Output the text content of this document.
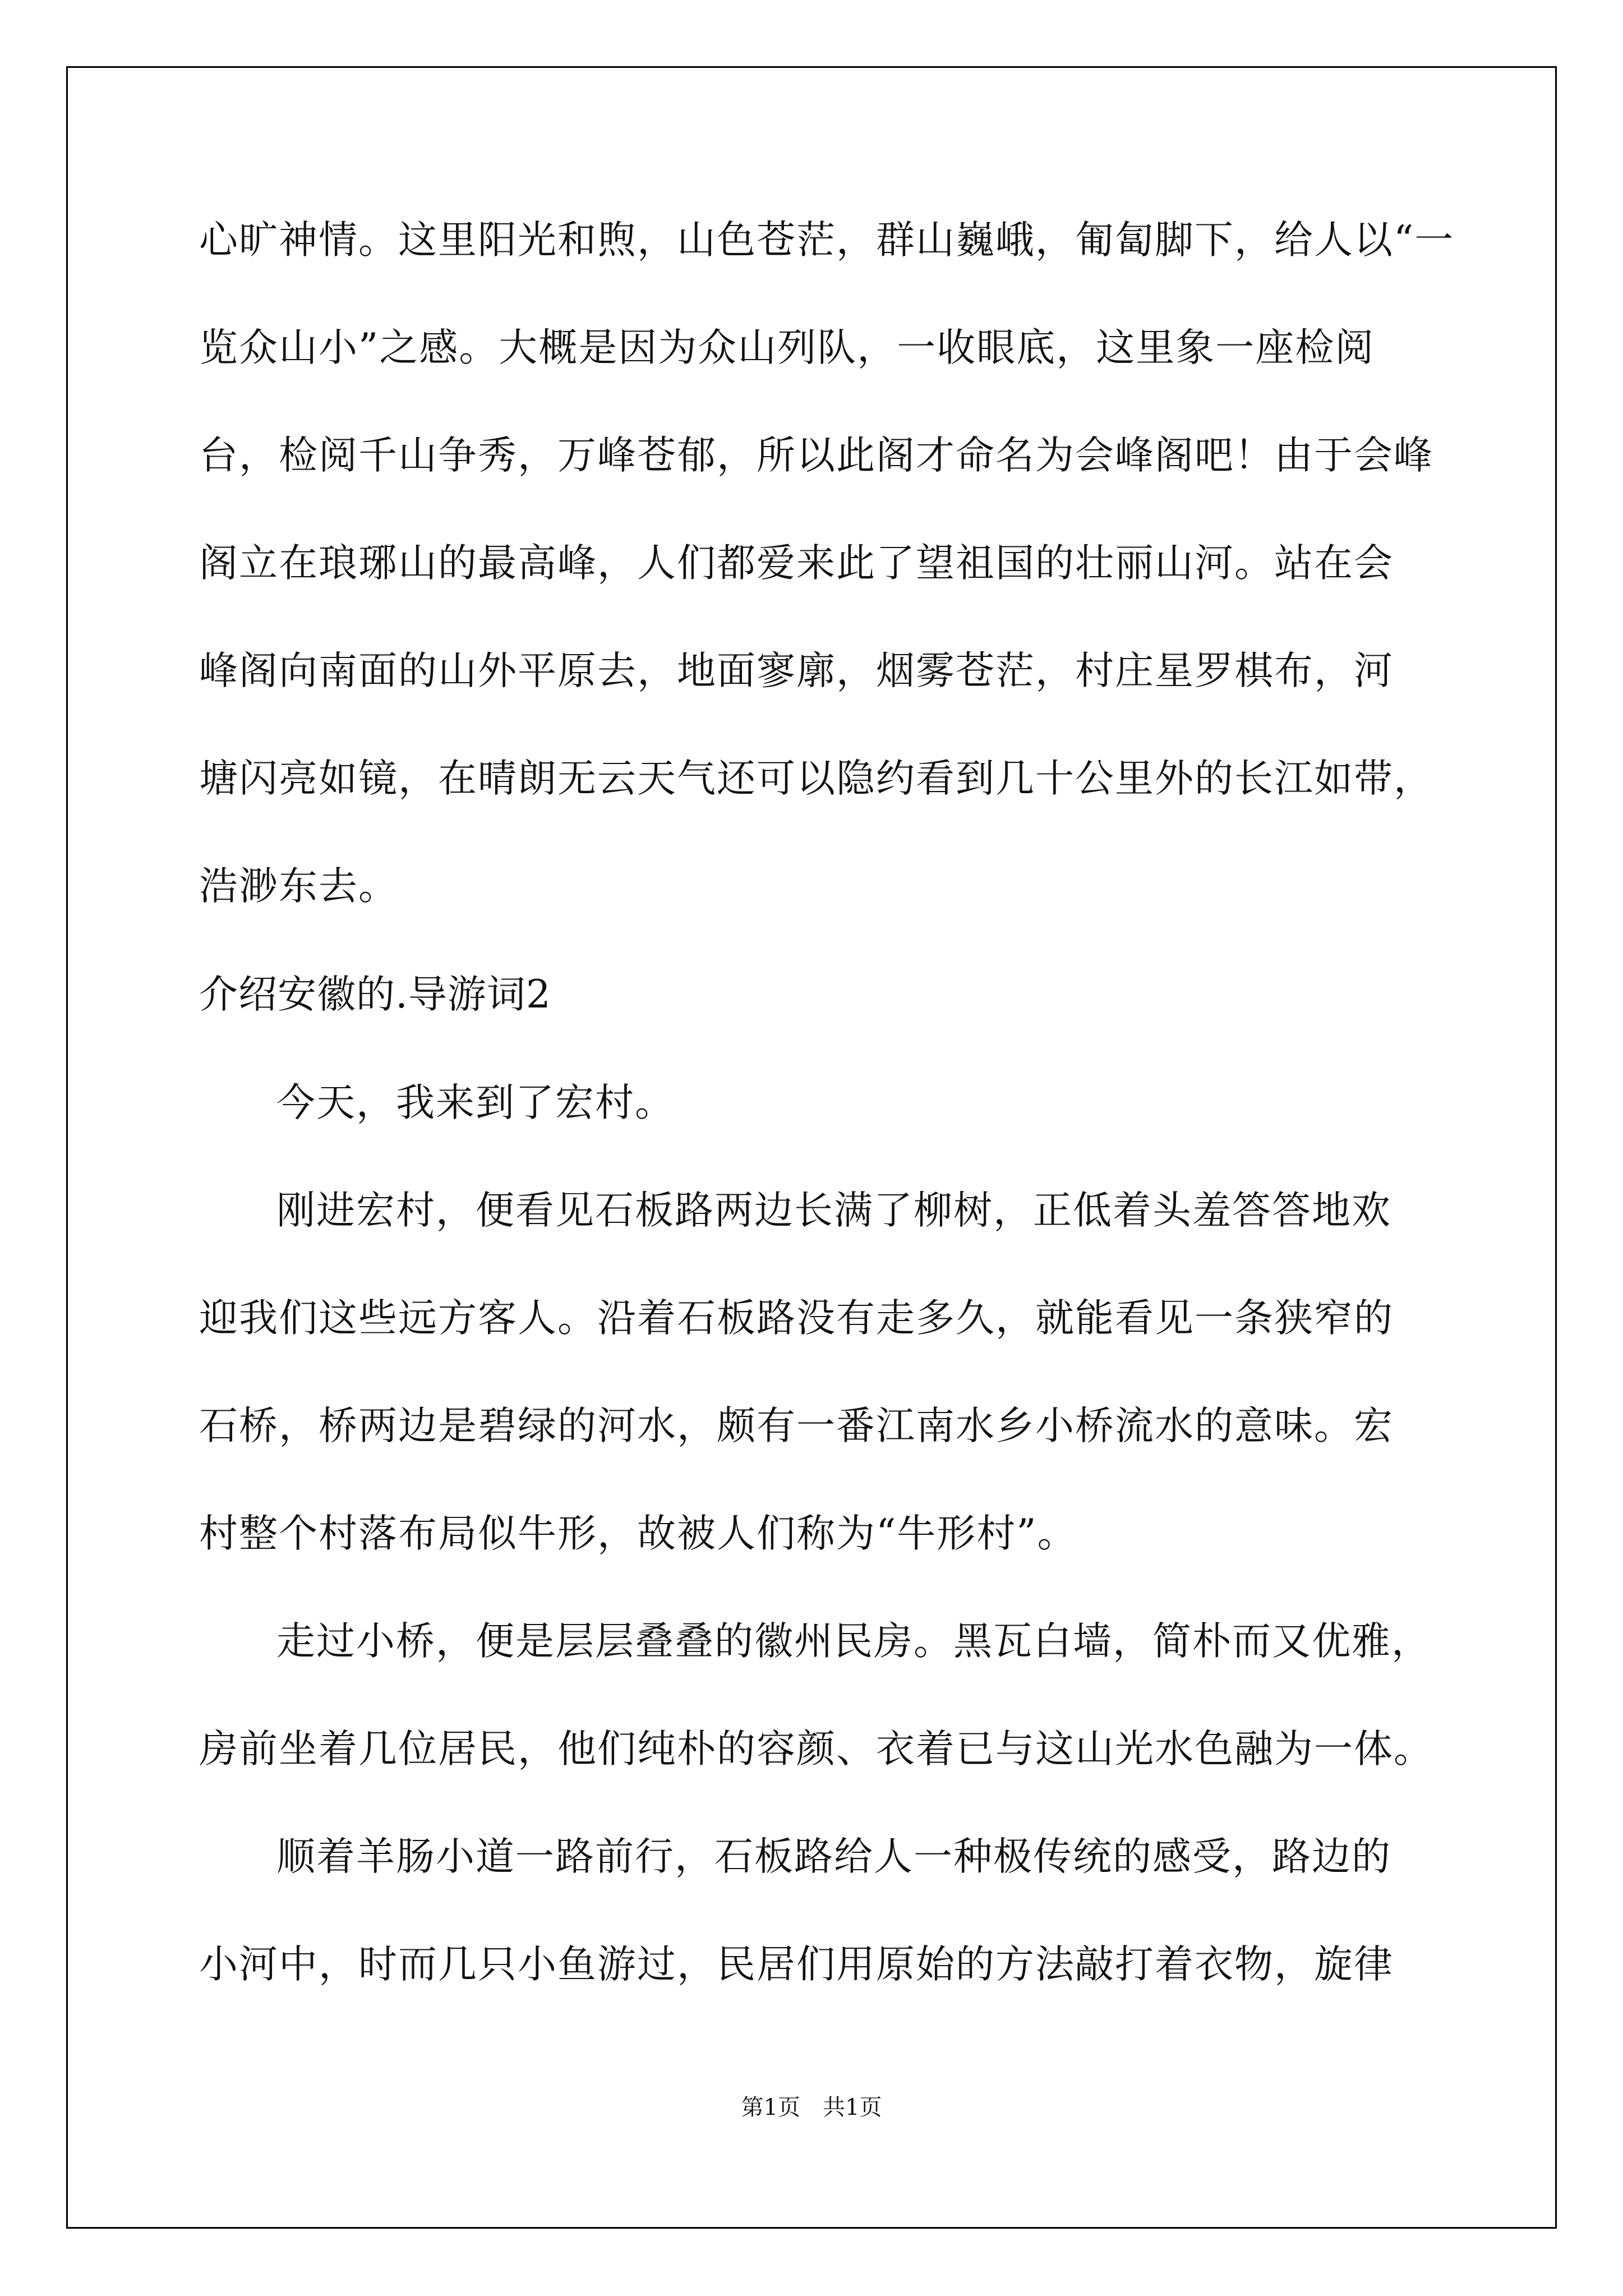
心旷神情。这里阳光和煦，山色苍茫，群山巍峨，匍匐脚下，给人以“一
览众山小”之感。大概是因为众山列队，一收眼底，这里象一座检阅
台，检阅千山争秀，万峰苍郁，所以此阁才命名为会峰阁吧！由于会峰
阁立在琅琊山的最高峰，人们都爱来此了望祖国的壮丽山河。站在会
峰阁向南面的山外平原去，地面寥廓，烟雾苍茫，村庄星罗棋布，河
塘闪亮如镜，在晴朗无云天气还可以隐约看到几十公里外的长江如带，
浩渺东去。
介绍安徽的.导游词2
今天，我来到了宏村。
刚进宏村，便看见石板路两边长满了柳树，正低着头羞答答地欢
迎我们这些远方客人。沿着石板路没有走多久，就能看见一条狭窄的
石桥，桥两边是碧绿的河水，颇有一番江南水乡小桥流水的意味。宏
村整个村落布局似牛形，故被人们称为“牛形村”。
走过小桥，便是层层叠叠的徽州民房。黑瓦白墙，简朴而又优雅，
房前坐着几位居民，他们纯朴的容颜、衣着已与这山光水色融为一体。
顺着羊肠小道一路前行，石板路给人一种极传统的感受，路边的
小河中，时而几只小鱼游过，民居们用原始的方法敲打着衣物，旋律
第1页　共1页
